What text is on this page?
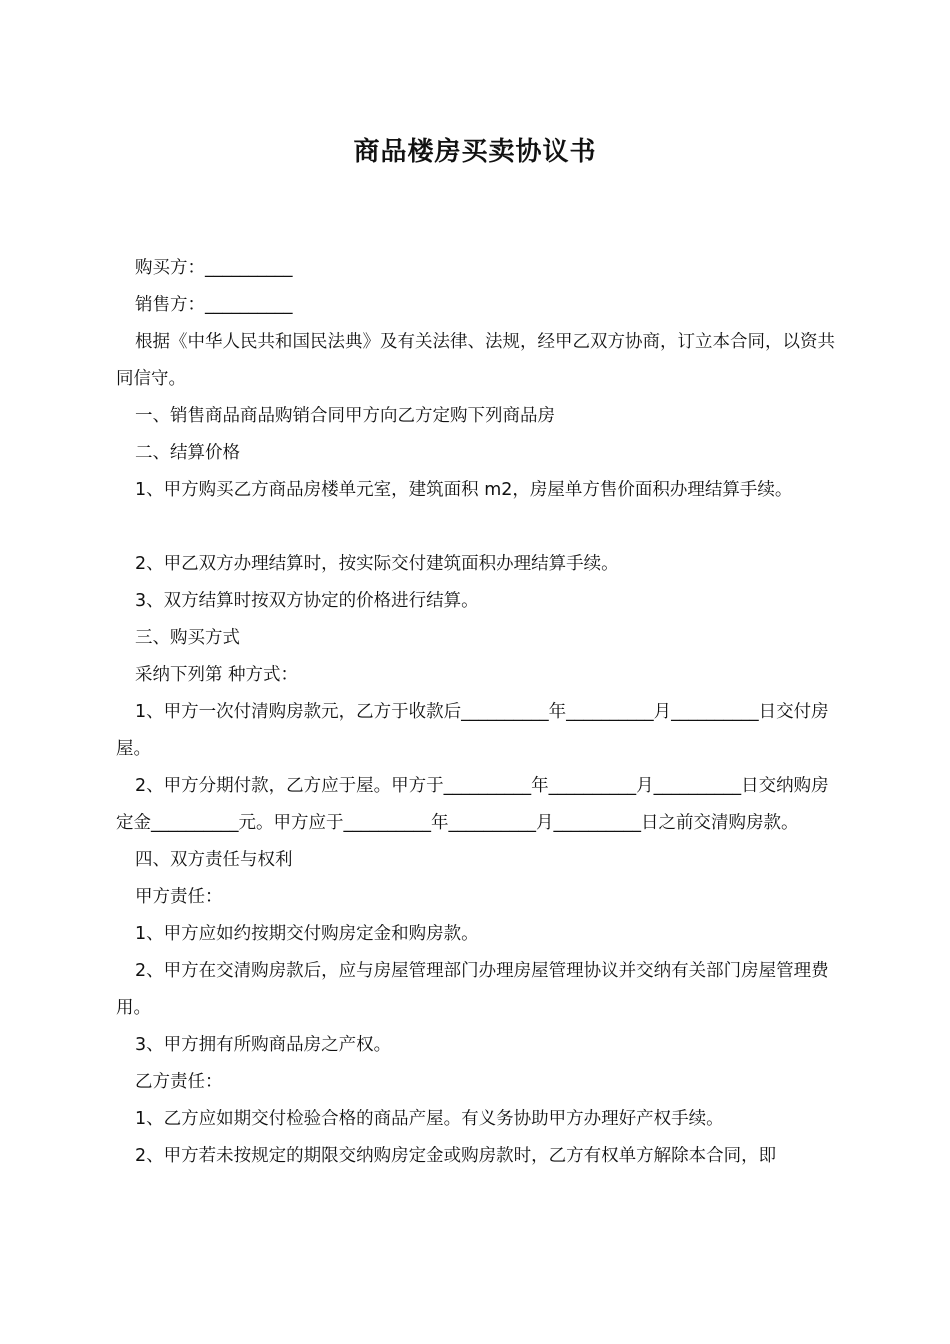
商品楼房买卖协议书

购买方：__________

销售方：__________

根据《中华人民共和国民法典》及有关法律、法规，经甲乙双方协商，订立本合同，以资共同信守。

一、销售商品商品购销合同甲方向乙方定购下列商品房

二、结算价格

1、甲方购买乙方商品房楼单元室，建筑面积 m2，房屋单方售价面积办理结算手续。

2、甲乙双方办理结算时，按实际交付建筑面积办理结算手续。

3、双方结算时按双方协定的价格进行结算。

三、购买方式

采纳下列第 种方式：

1、甲方一次付清购房款元，乙方于收款后__________年__________月__________日交付房屋。

2、甲方分期付款，乙方应于屋。甲方于__________年__________月__________日交纳购房定金__________元。甲方应于__________年__________月__________日之前交清购房款。

四、双方责任与权利

甲方责任：

1、甲方应如约按期交付购房定金和购房款。

2、甲方在交清购房款后，应与房屋管理部门办理房屋管理协议并交纳有关部门房屋管理费用。

3、甲方拥有所购商品房之产权。

乙方责任：

1、乙方应如期交付检验合格的商品产屋。有义务协助甲方办理好产权手续。

2、甲方若未按规定的期限交纳购房定金或购房款时，乙方有权单方解除本合同，即
